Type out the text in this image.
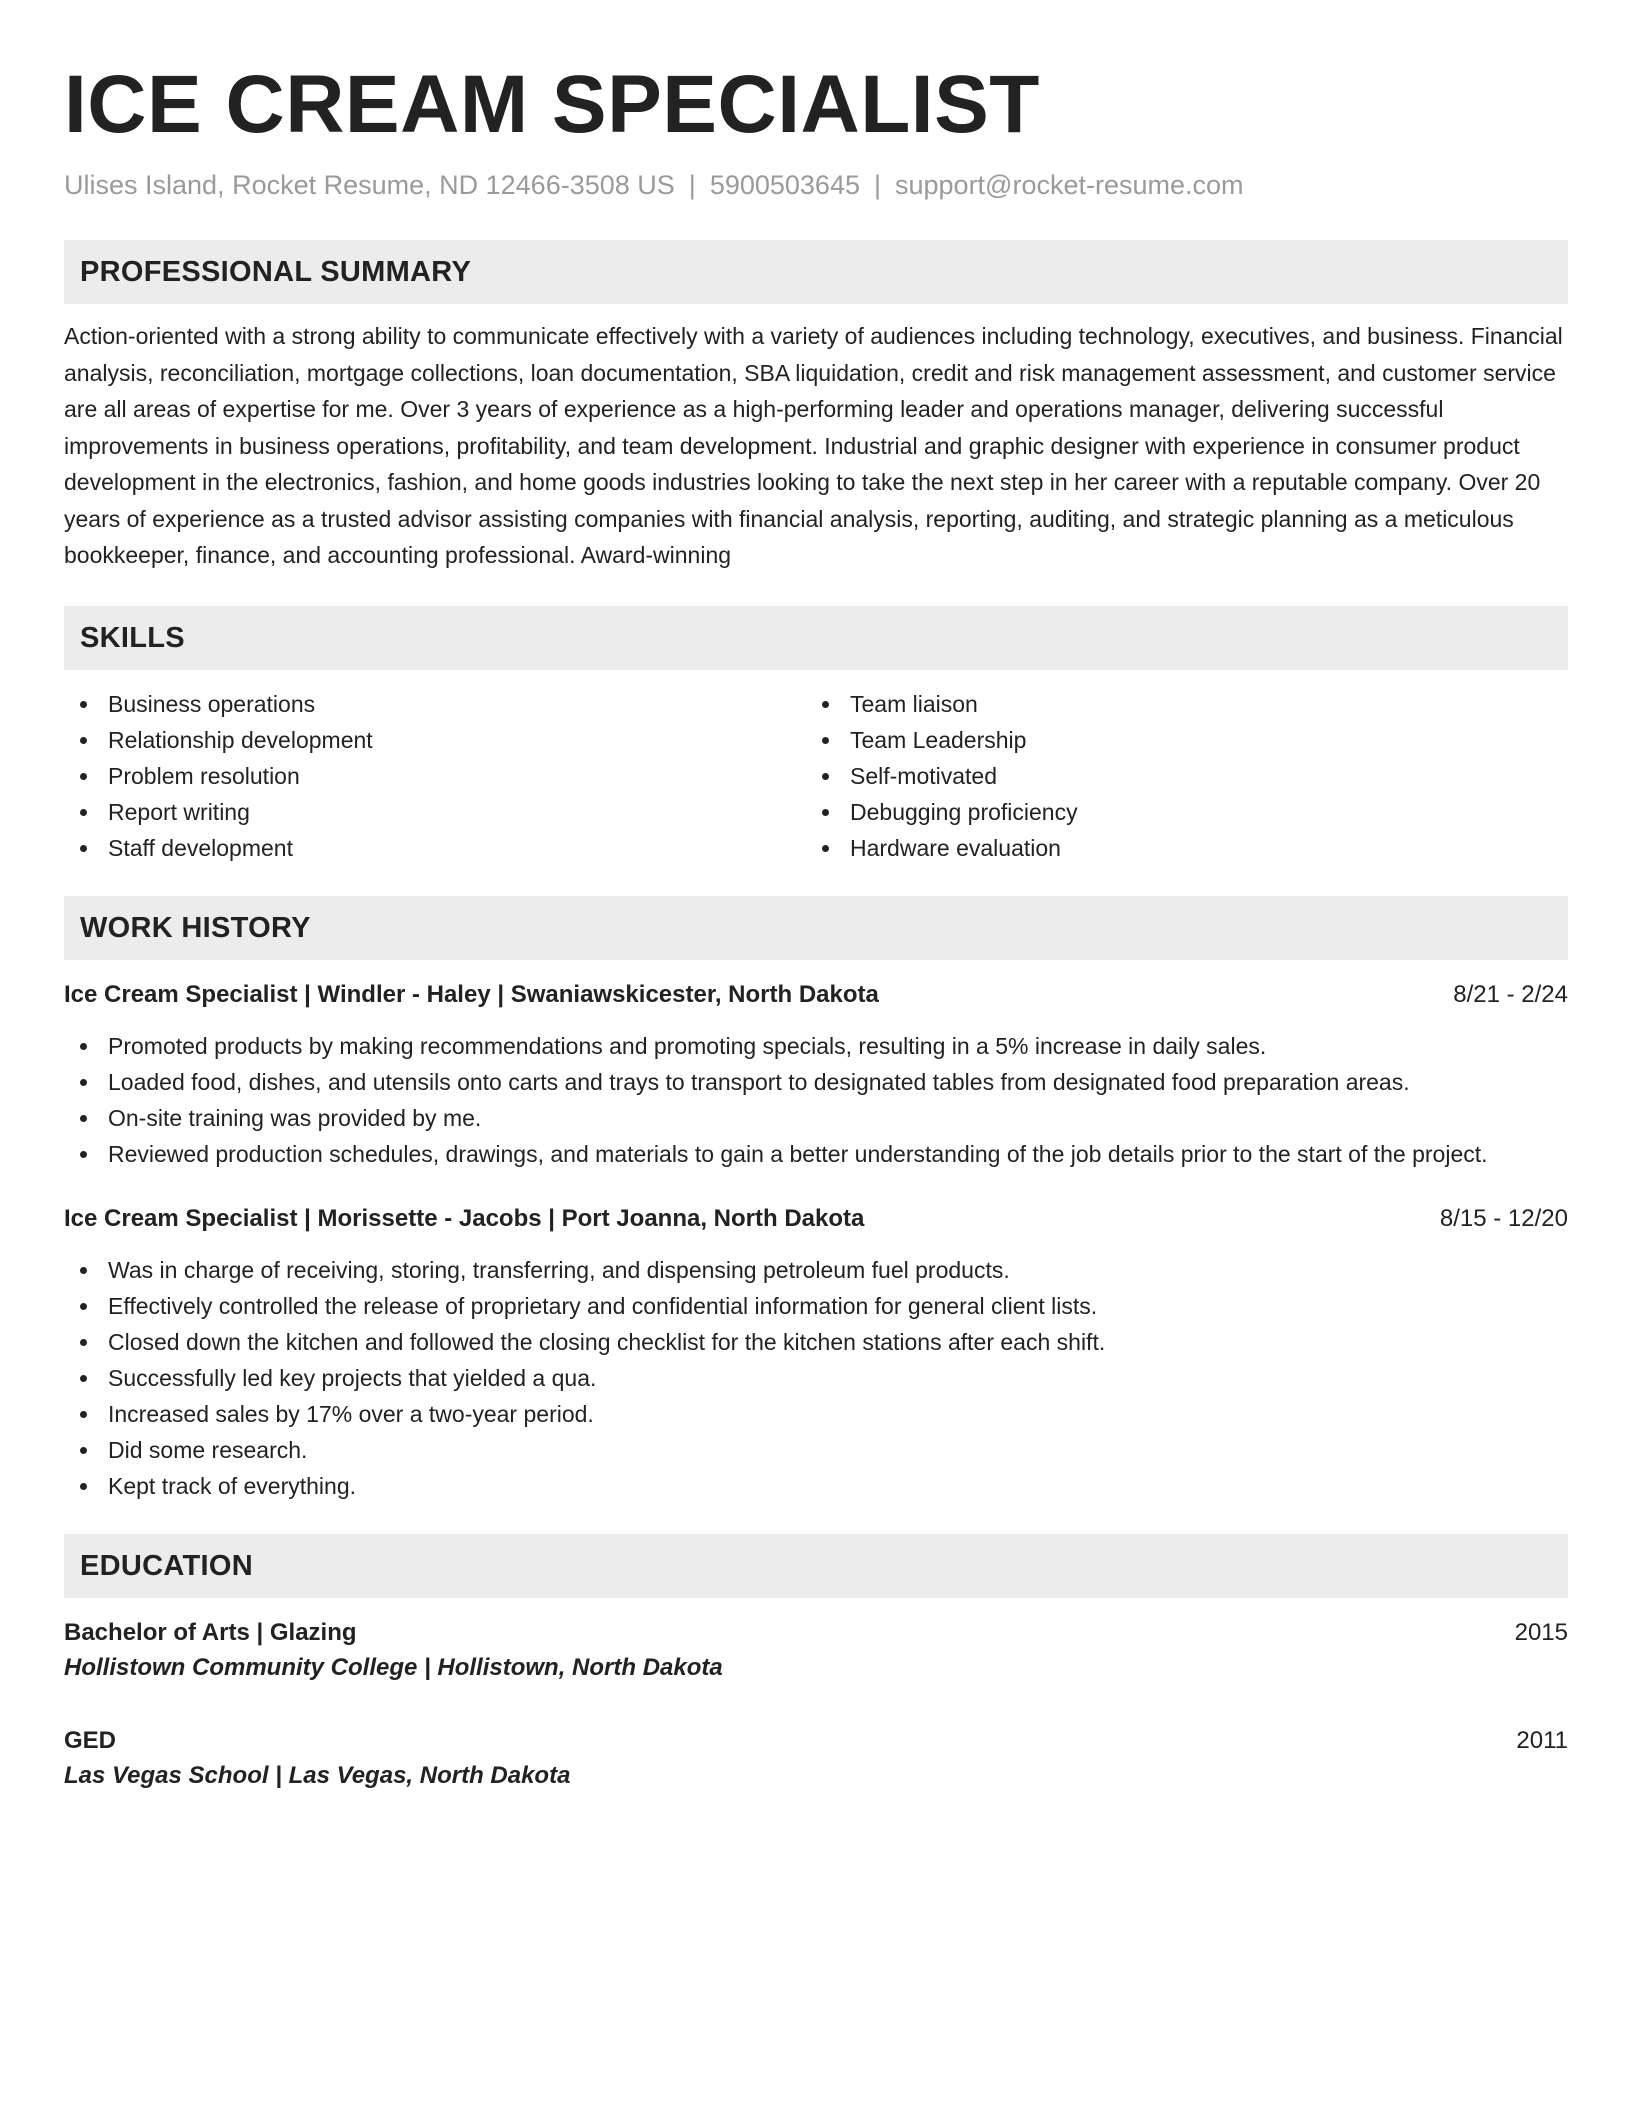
ICE CREAM SPECIALIST
Ulises Island, Rocket Resume, ND 12466-3508 US | 5900503645 | support@rocket-resume.com
PROFESSIONAL SUMMARY

Action-oriented with a strong ability to communicate effectively with a variety of audiences including technology, executives, and business. Financial analysis, reconciliation, mortgage collections, loan documentation, SBA liquidation, credit and risk management assessment, and customer service are all areas of expertise for me. Over 3 years of experience as a high-performing leader and operations manager, delivering successful improvements in business operations, profitability, and team development. Industrial and graphic designer with experience in consumer product development in the electronics, fashion, and home goods industries looking to take the next step in her career with a reputable company. Over 20 years of experience as a trusted advisor assisting companies with financial analysis, reporting, auditing, and strategic planning as a meticulous bookkeeper, finance, and accounting professional. Award-winning

SKILLS
Business operations
Relationship development
Problem resolution
Report writing
Staff development
Team liaison
Team Leadership
Self-motivated
Debugging proficiency
Hardware evaluation
WORK HISTORY
Ice Cream Specialist | Windler - Haley | Swaniawskicester, North Dakota	8/21 - 2/24
Promoted products by making recommendations and promoting specials, resulting in a 5% increase in daily sales.
Loaded food, dishes, and utensils onto carts and trays to transport to designated tables from designated food preparation areas.
On-site training was provided by me.
Reviewed production schedules, drawings, and materials to gain a better understanding of the job details prior to the start of the project.
Ice Cream Specialist | Morissette - Jacobs | Port Joanna, North Dakota	8/15 - 12/20
Was in charge of receiving, storing, transferring, and dispensing petroleum fuel products.
Effectively controlled the release of proprietary and confidential information for general client lists.
Closed down the kitchen and followed the closing checklist for the kitchen stations after each shift.
Successfully led key projects that yielded a qua.
Increased sales by 17% over a two-year period.
Did some research.
Kept track of everything.
EDUCATION
Bachelor of Arts | Glazing	2015
Hollistown Community College | Hollistown, North Dakota
GED	2011
Las Vegas School | Las Vegas, North Dakota
